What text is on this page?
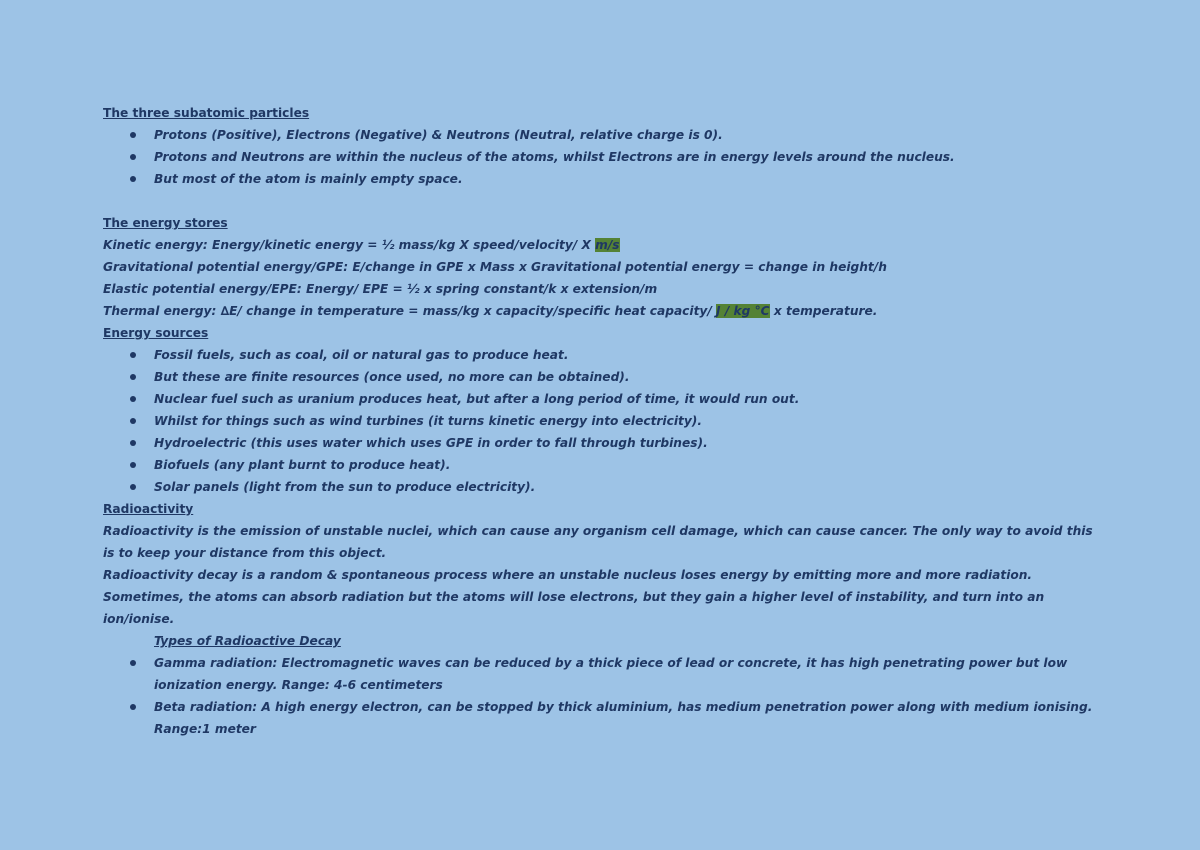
The three subatomic particles
Protons (Positive), Electrons (Negative) & Neutrons (Neutral, relative charge is 0).
Protons and Neutrons are within the nucleus of the atoms, whilst Electrons are in energy levels around the nucleus.
But most of the atom is mainly empty space.
The energy stores

Kinetic energy: Energy/kinetic energy = ½ mass/kg X speed/velocity/ X m/s

Gravitational potential energy/GPE: E/change in GPE x Mass x Gravitational potential energy = change in height/h

Elastic potential energy/EPE: Energy/ EPE = ½ x spring constant/k x extension/m

Thermal energy: ∆E/ change in temperature = mass/kg x capacity/specific heat capacity/ J / kg °C x temperature.

Energy sources
Fossil fuels, such as coal, oil or natural gas to produce heat.
But these are finite resources (once used, no more can be obtained).
Nuclear fuel such as uranium produces heat, but after a long period of time, it would run out.
Whilst for things such as wind turbines (it turns kinetic energy into electricity).
Hydroelectric (this uses water which uses GPE in order to fall through turbines).
Biofuels (any plant burnt to produce heat).
Solar panels (light from the sun to produce electricity).
Radioactivity

Radioactivity is the emission of unstable nuclei, which can cause any organism cell damage, which can cause cancer. The only way to avoid this is to keep your distance from this object.

Radioactivity decay is a random & spontaneous process where an unstable nucleus loses energy by emitting more and more radiation.

Sometimes, the atoms can absorb radiation but the atoms will lose electrons, but they gain a higher level of instability, and turn into an ion/ionise.

Types of Radioactive Decay
Gamma radiation: Electromagnetic waves can be reduced by a thick piece of lead or concrete, it has high penetrating power but low ionization energy. Range: 4-6 centimeters
Beta radiation: A high energy electron, can be stopped by thick aluminium, has medium penetration power along with medium ionising. Range:1 meter
